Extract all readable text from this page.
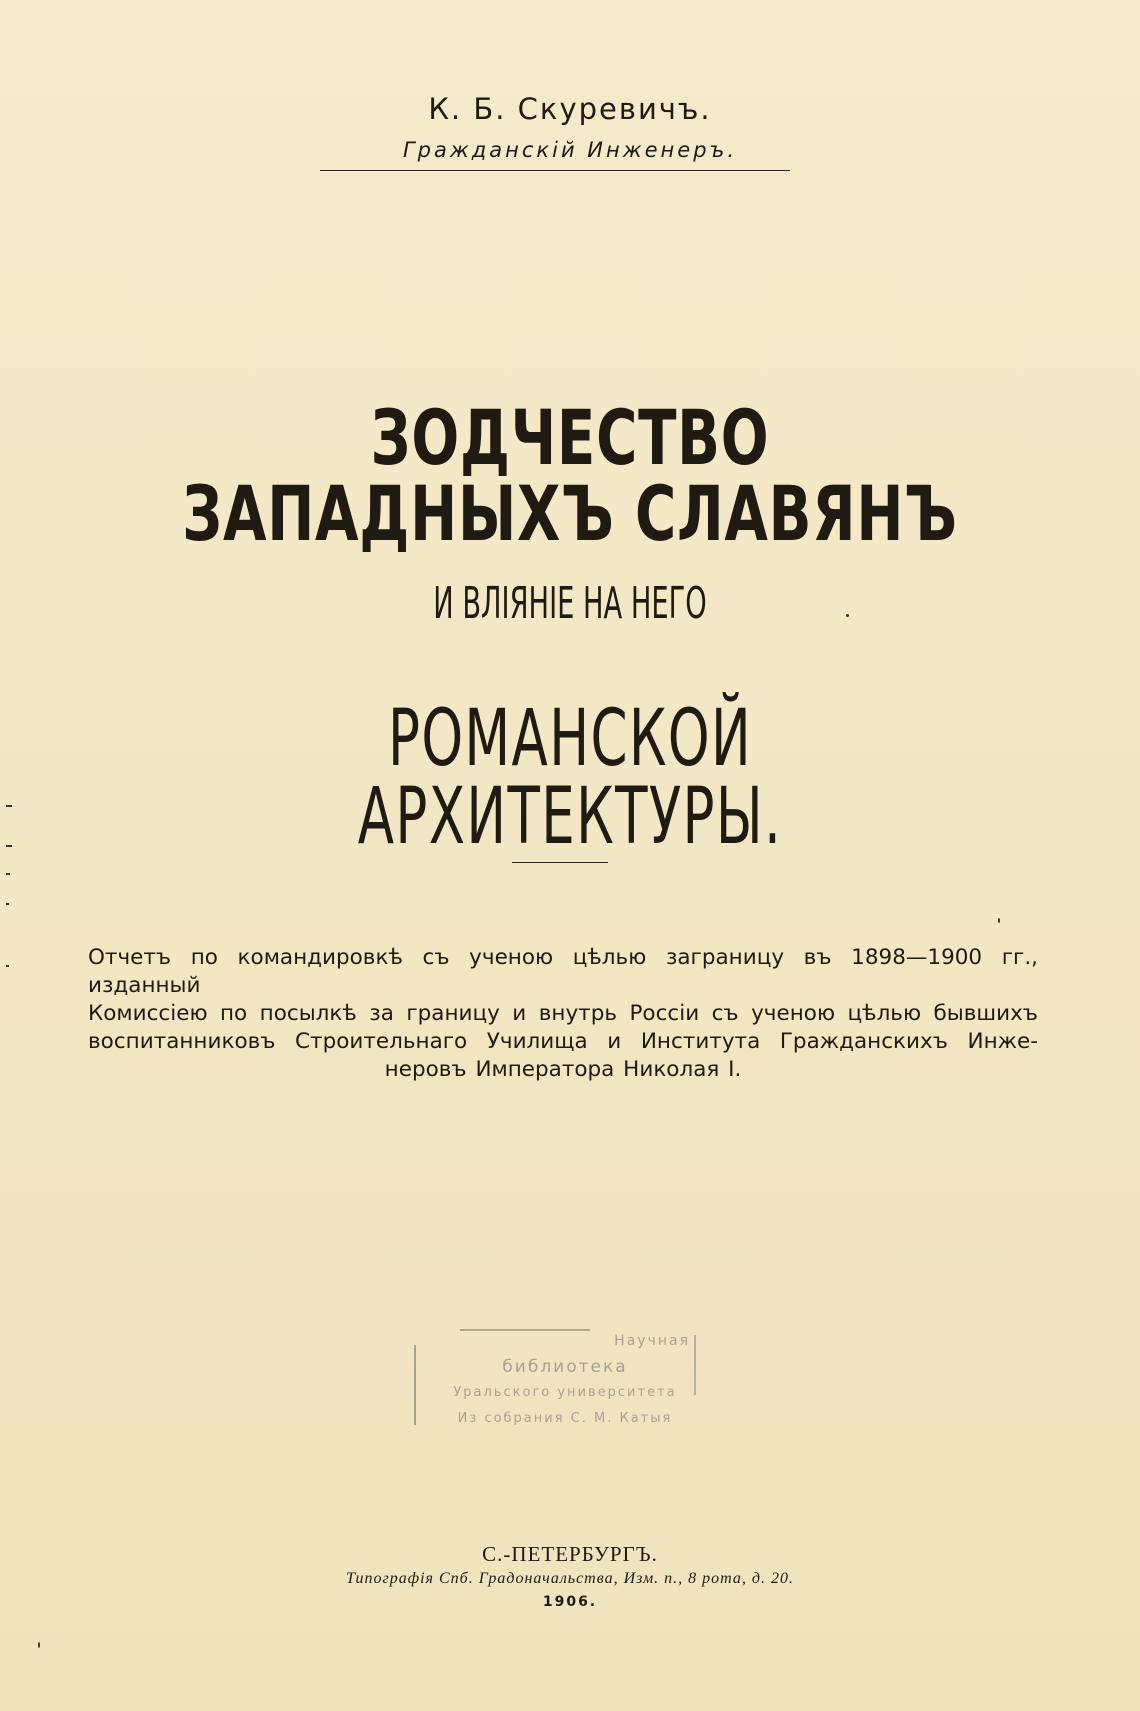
К. Б. Скуревичъ.
Гражданскій Инженеръ.
ЗОДЧЕСТВО ЗАПАДНЫХЪ СЛАВЯНЪ
И ВЛІЯНІЕ НА НЕГО
РОМАНСКОЙ АРХИТЕКТУРЫ.
Отчетъ по командировкѣ съ ученою цѣлью заграницу въ 1898—1900 гг., изданный
Комиссіею по посылкѣ за границу и внутрь Россіи съ ученою цѣлью бывшихъ
воспитанниковъ Строительнаго Училища и Института Гражданскихъ Инже-
неровъ Императора Николая I.
Научная
библиотека
Уральского университета
Из собрания С. М. Катыя
С.-ПЕТЕРБУРГЪ.
Типографія Спб. Градоначальства, Изм. п., 8 рота, д. 20.
1906.
